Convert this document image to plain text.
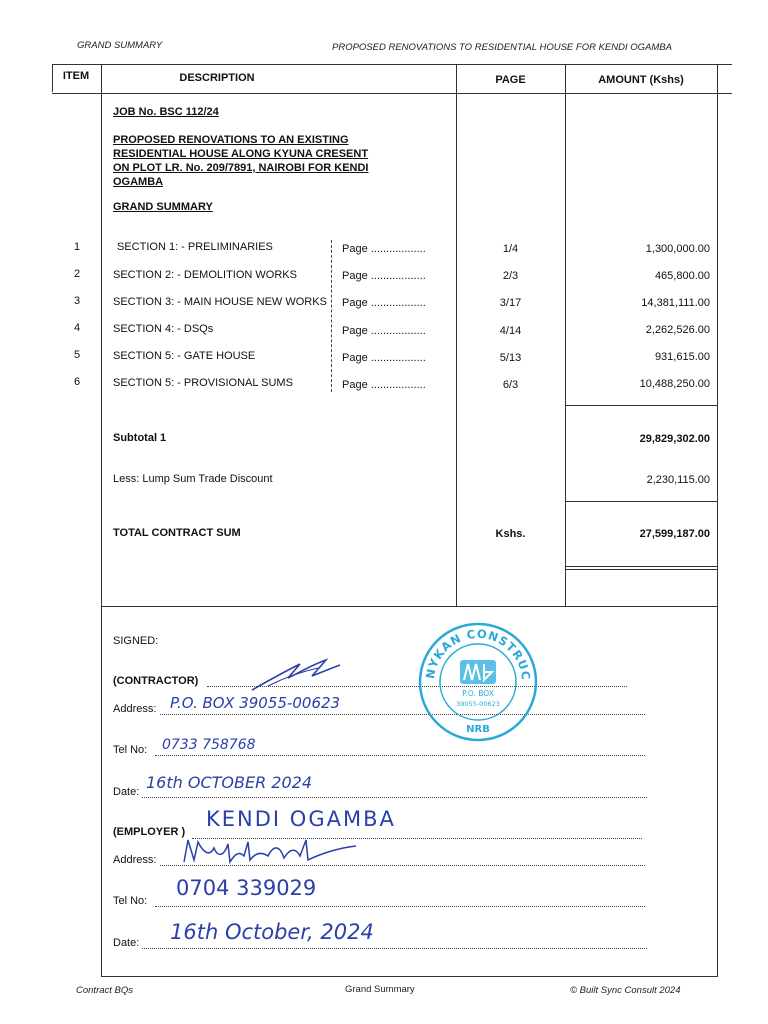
GRAND SUMMARY	PROPOSED RENOVATIONS TO RESIDENTIAL HOUSE FOR KENDI OGAMBA
ITEM	DESCRIPTION	PAGE	AMOUNT (Kshs)
JOB No. BSC 112/24
PROPOSED RENOVATIONS TO AN EXISTING
RESIDENTIAL HOUSE ALONG KYUNA CRESENT
ON PLOT LR. No. 209/7891, NAIROBI FOR KENDI
OGAMBA
GRAND SUMMARY
1	SECTION 1: - PRELIMINARIES	Page ..................	1/4	1,300,000.00
2	SECTION 2: - DEMOLITION WORKS	Page ..................	2/3	465,800.00
3	SECTION 3: - MAIN HOUSE NEW WORKS Page ..................	3/17	14,381,111.00
4	SECTION 4: - DSQs	Page ..................	4/14	2,262,526.00
5	SECTION 5: - GATE HOUSE	Page ..................	5/13	931,615.00
6	SECTION 5: - PROVISIONAL SUMS	Page ..................	6/3	10,488,250.00
Subtotal 1	29,829,302.00
Less: Lump Sum Trade Discount	2,230,115.00
TOTAL CONTRACT SUM	Kshs.	27,599,187.00
SIGNED:
(CONTRACTOR)
Address: P.O. BOX 39055-00623
Tel No: 0733 758768
Date: 16th OCTOBER 2024
(EMPLOYER )
KENDI OGAMBA
Address:
Tel No:
0704 339029
Date: 16th October, 2024
NYKAN CONSTRUC
P.O. BOX
39055-00623
NRB
Contract BQs	Grand Summary	© Built Sync Consult 2024
